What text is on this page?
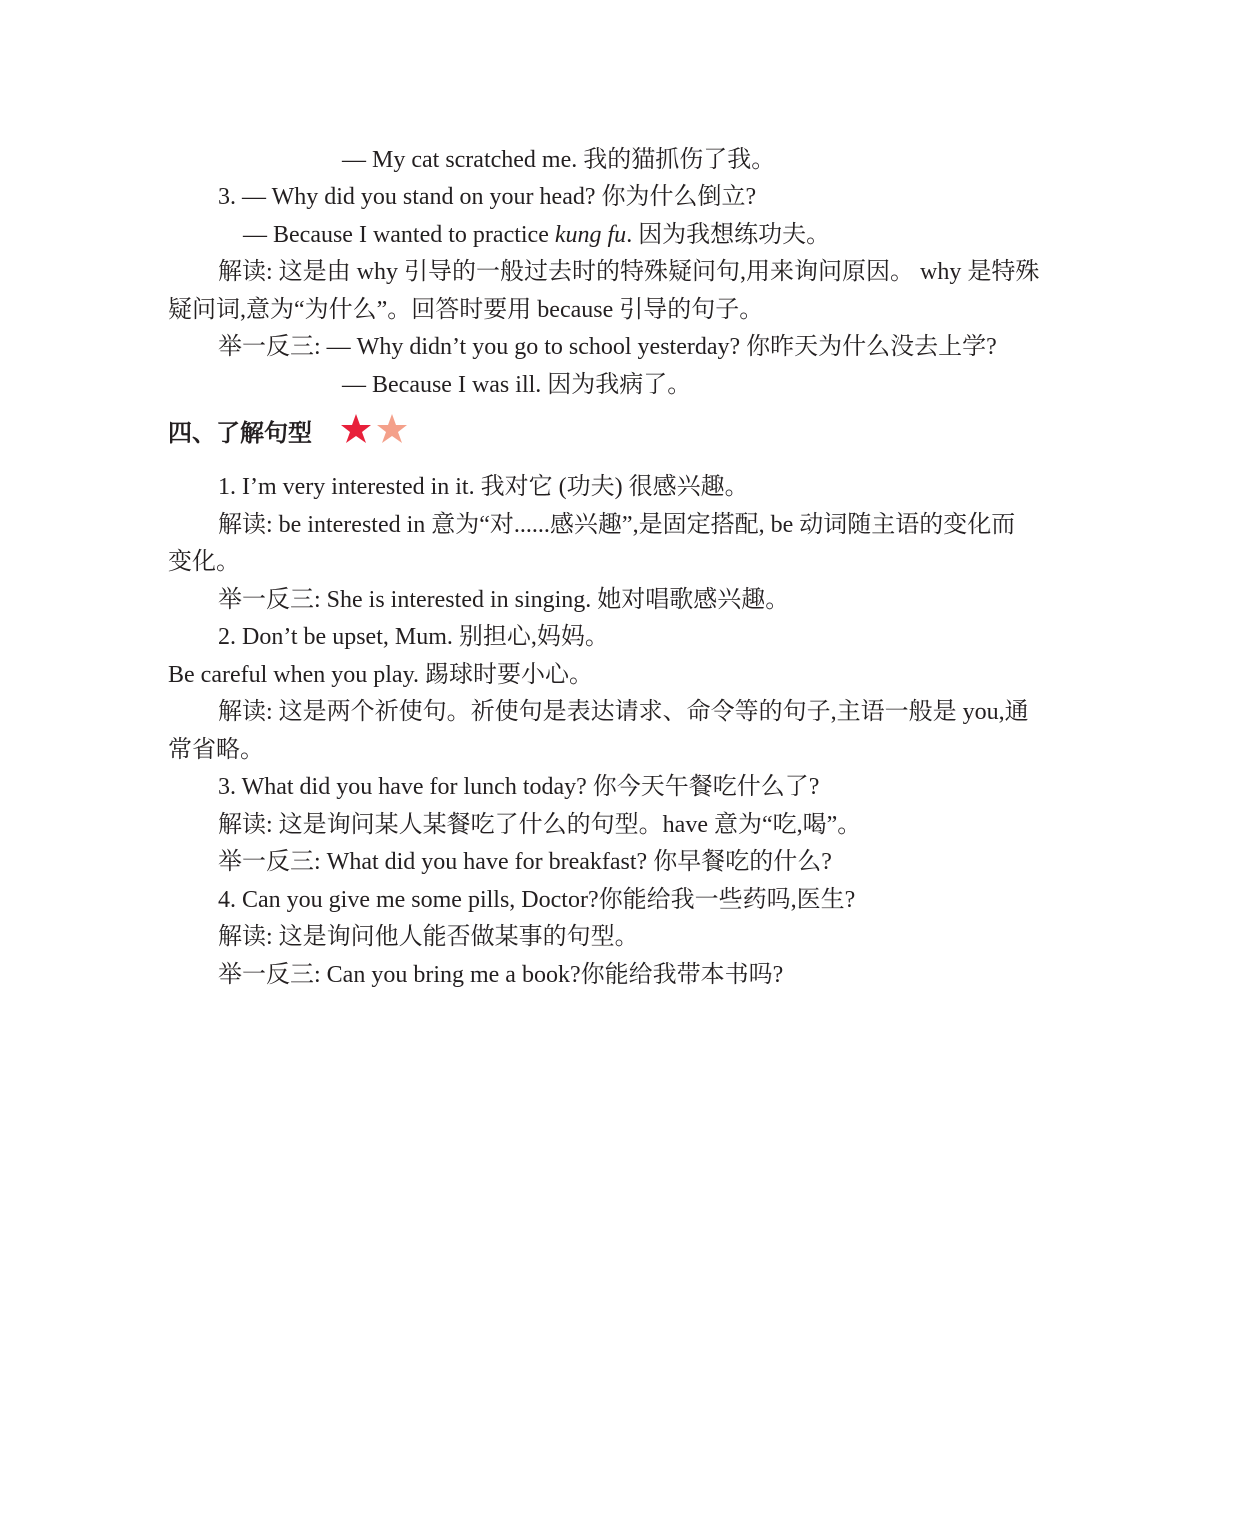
— My cat scratched me. 我的猫抓伤了我。
3. — Why did you stand on your head? 你为什么倒立?
— Because I wanted to practice kung fu. 因为我想练功夫。
解读: 这是由 why 引导的一般过去时的特殊疑问句,用来询问原因。 why 是特殊
疑问词,意为“为什么”。回答时要用 because 引导的句子。
举一反三: — Why didn’t you go to school yesterday? 你昨天为什么没去上学?
— Because I was ill. 因为我病了。
四、了解句型
1. I’m very interested in it. 我对它 (功夫) 很感兴趣。
解读: be interested in 意为“对......感兴趣”,是固定搭配, be 动词随主语的变化而
变化。
举一反三: She is interested in singing. 她对唱歌感兴趣。
2. Don’t be upset, Mum. 别担心,妈妈。
Be careful when you play. 踢球时要小心。
解读: 这是两个祈使句。祈使句是表达请求、命令等的句子,主语一般是 you,通
常省略。
3. What did you have for lunch today? 你今天午餐吃什么了?
解读: 这是询问某人某餐吃了什么的句型。have 意为“吃,喝”。
举一反三: What did you have for breakfast? 你早餐吃的什么?
4. Can you give me some pills, Doctor?你能给我一些药吗,医生?
解读: 这是询问他人能否做某事的句型。
举一反三: Can you bring me a book?你能给我带本书吗?
